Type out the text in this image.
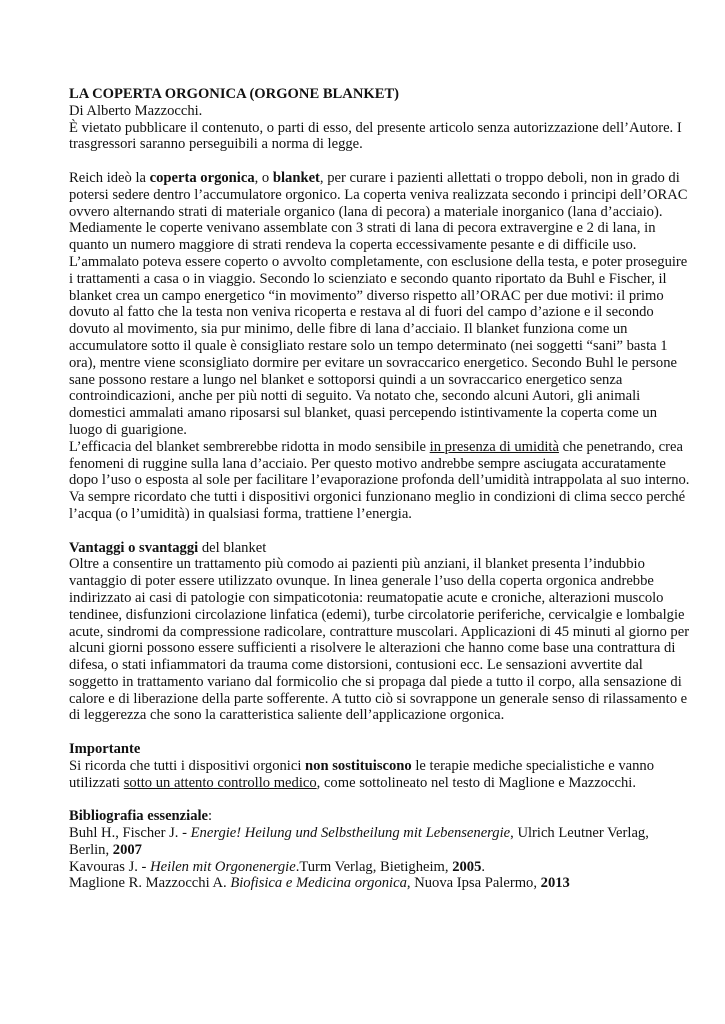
LA COPERTA ORGONICA (ORGONE BLANKET)

Di Alberto Mazzocchi.

È vietato pubblicare il contenuto, o parti di esso, del presente articolo senza autorizzazione dell’Autore. I trasgressori saranno perseguibili a norma di legge.

Reich ideò la coperta orgonica, o blanket, per curare i pazienti allettati o troppo deboli, non in grado di potersi sedere dentro l’accumulatore orgonico. La coperta veniva realizzata secondo i principi dell’ORAC ovvero alternando strati di materiale organico (lana di pecora) a materiale inorganico (lana d’acciaio). Mediamente le coperte venivano assemblate con 3 strati di lana di pecora extravergine e 2 di lana, in quanto un numero maggiore di strati rendeva la coperta eccessivamente pesante e di difficile uso. L’ammalato poteva essere coperto o avvolto completamente, con esclusione della testa, e poter proseguire i trattamenti a casa o in viaggio. Secondo lo scienziato e secondo quanto riportato da Buhl e Fischer, il blanket crea un campo energetico “in movimento” diverso rispetto all’ORAC per due motivi: il primo dovuto al fatto che la testa non veniva ricoperta e restava al di fuori del campo d’azione e il secondo dovuto al movimento, sia pur minimo, delle fibre di lana d’acciaio. Il blanket funziona come un accumulatore sotto il quale è consigliato restare solo un tempo determinato (nei soggetti “sani” basta 1 ora), mentre viene sconsigliato dormire per evitare un sovraccarico energetico. Secondo Buhl le persone sane possono restare a lungo nel blanket e sottoporsi quindi a un sovraccarico energetico senza controindicazioni, anche per più notti di seguito. Va notato che, secondo alcuni Autori, gli animali domestici ammalati amano riposarsi sul blanket, quasi percependo istintivamente la coperta come un luogo di guarigione.

L’efficacia del blanket sembrerebbe ridotta in modo sensibile in presenza di umidità che penetrando, crea fenomeni di ruggine sulla lana d’acciaio. Per questo motivo andrebbe sempre asciugata accuratamente dopo l’uso o esposta al sole per facilitare l’evaporazione profonda dell’umidità intrappolata al suo interno. Va sempre ricordato che tutti i dispositivi orgonici funzionano meglio in condizioni di clima secco perché l’acqua (o l’umidità) in qualsiasi forma, trattiene l’energia.

Vantaggi o svantaggi del blanket

Oltre a consentire un trattamento più comodo ai pazienti più anziani, il blanket presenta l’indubbio vantaggio di poter essere utilizzato ovunque. In linea generale l’uso della coperta orgonica andrebbe indirizzato ai casi di patologie con simpaticotonia: reumatopatie acute e croniche, alterazioni muscolo tendinee, disfunzioni circolazione linfatica (edemi), turbe circolatorie periferiche, cervicalgie e lombalgie acute, sindromi da compressione radicolare, contratture muscolari. Applicazioni di 45 minuti al giorno per alcuni giorni possono essere sufficienti a risolvere le alterazioni che hanno come base una contrattura di difesa, o stati infiammatori da trauma come distorsioni, contusioni ecc. Le sensazioni avvertite dal soggetto in trattamento variano dal formicolio che si propaga dal piede a tutto il corpo, alla sensazione di calore e di liberazione della parte sofferente. A tutto ciò si sovrappone un generale senso di rilassamento e di leggerezza che sono la caratteristica saliente dell’applicazione orgonica.

Importante

Si ricorda che tutti i dispositivi orgonici non sostituiscono le terapie mediche specialistiche e vanno utilizzati sotto un attento controllo medico, come sottolineato nel testo di Maglione e Mazzocchi.

Bibliografia essenziale:

Buhl H., Fischer J. - Energie! Heilung und Selbstheilung mit Lebensenergie, Ulrich Leutner Verlag, Berlin, 2007

Kavouras J. - Heilen mit Orgonenergie.Turm Verlag, Bietigheim, 2005.

Maglione R. Mazzocchi A. Biofisica e Medicina orgonica, Nuova Ipsa Palermo, 2013
